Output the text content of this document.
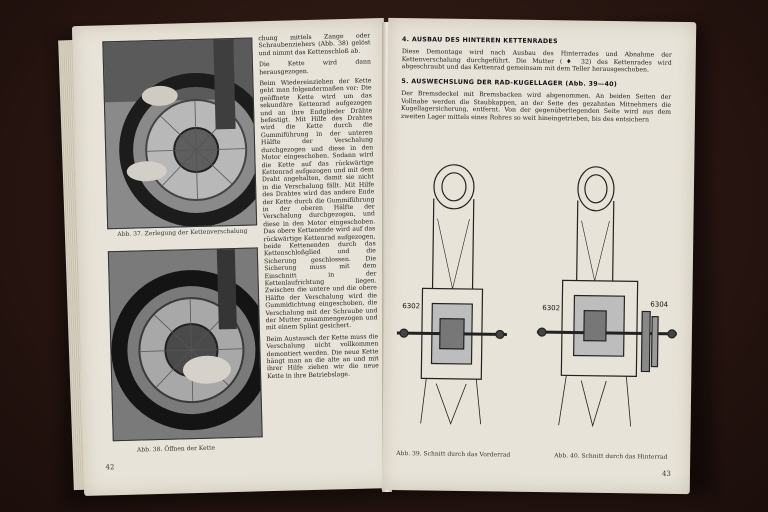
Abb. 37. Zerlegung der Kettenverschalung
Abb. 38. Öffnen der Kette

chung mittels Zange oder Schraubenziehers (Abb. 38) gelöst und nimmt das Kettenschloß ab.

Die Kette wird dann herausgezogen.

Beim Wiedereinziehen der Kette geht man folgendermaßen vor: Die geöffnete Kette wird um das sekundäre Kettenrad aufgezogen und an ihre Endglieder Drähte befestigt. Mit Hilfe des Drahtes wird die Kette durch die Gummiführung in der unteren Hälfte der Verschalung durchgezogen und diese in den Motor eingeschoben. Sodann wird die Kette auf das rückwärtige Kettenrad aufgezogen und mit dem Draht angehalten, damit sie nicht in die Verschalung fällt. Mit Hilfe des Drahtes wird das andere Ende der Kette durch die Gummiführung in der oberen Hälfte der Verschalung durchgezogen, und diese in den Motor eingeschoben. Das obere Kettenende wird auf das rückwärtige Kettenrad aufgezogen, beide Kettenenden durch das Kettenschloßglied und die Sicherung geschlossen. Die Sicherung muss mit dem Einschnitt in der Kettenlaufrichtung liegen. Zwischen die untere und die obere Hälfte der Verschalung wird die Gummidichtung eingeschoben, die Verschalung mit der Schraube und der Mutter zusammengezogen und mit einem Splint gesichert.

Beim Austausch der Kette muss die Verschalung nicht vollkommen demontiert werden. Die neue Kette hängt man an die alte an und mit ihrer Hilfe ziehen wir die neue Kette in ihre Betriebslage.

42
4. AUSBAU DES HINTEREN KETTENRADES
Diese Demontage wird nach Ausbau des Hinterrades und Abnahme der Kettenverschalung durchgeführt. Die Mutter (♦ 32) des Kettenrades wird abgeschraubt und das Kettenrad gemeinsam mit dem Teller herausgeschoben.
5. AUSWECHSLUNG DER RAD-KUGELLAGER (Abb. 39—40)
Der Bremsdeckel mit Bremsbacken wird abgenommen. An beiden Seiten der Vollnabe werden die Staubkappen, an der Seite des gezahnten Mitnehmers die Kugellagersicherung, entfernt. Von der gegenüberliegenden Seite wird aus dem zweiten Lager mittels eines Rohres so weit hineingetrieben, bis des entsichern
6302	6302	6304
Abb. 39. Schnitt durch das Vorderrad	Abb. 40. Schnitt durch das Hinterrad
43
